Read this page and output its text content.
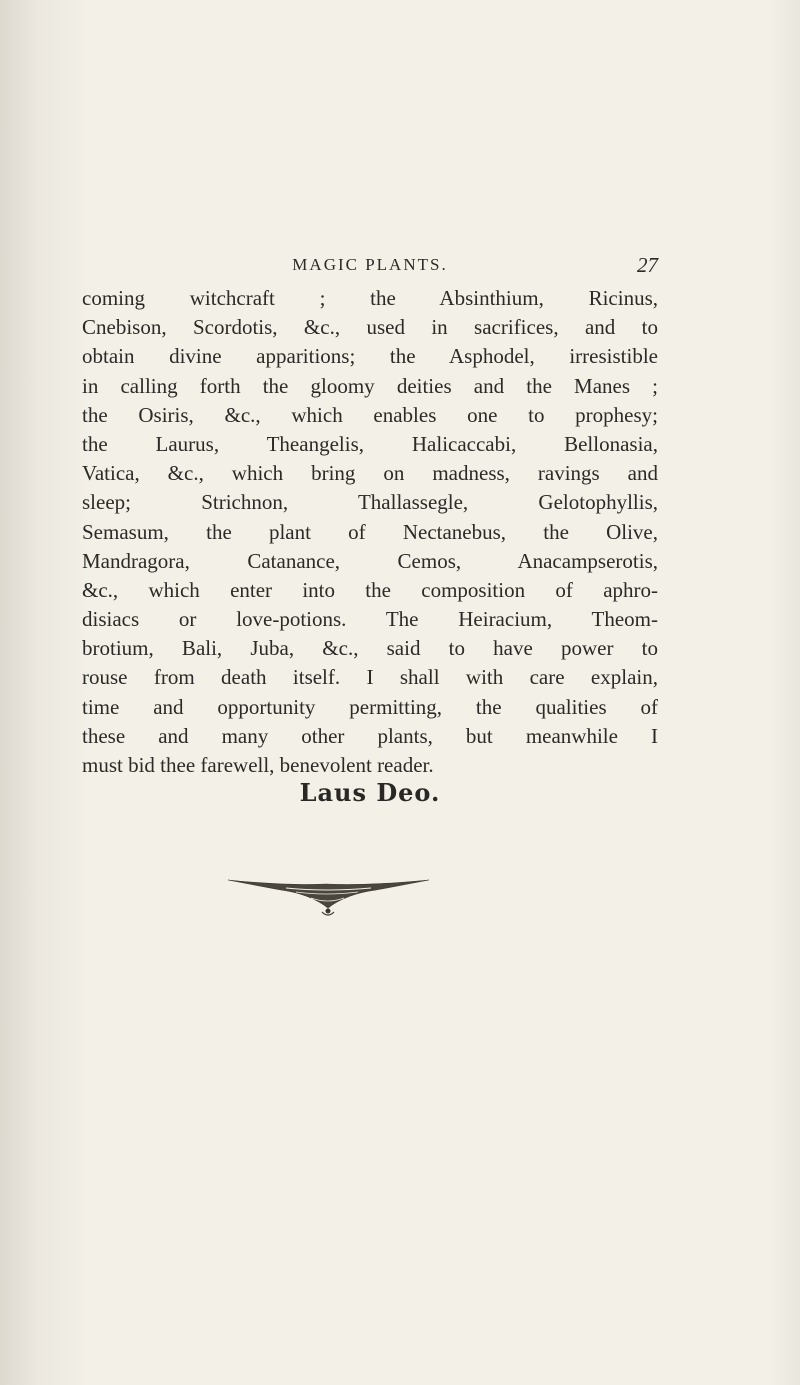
MAGIC PLANTS.	27
coming witchcraft ; the Absinthium, Ricinus,
Cnebison, Scordotis, &c., used in sacrifices, and to
obtain divine apparitions; the Asphodel, irresistible
in calling forth the gloomy deities and the Manes ;
the Osiris, &c., which enables one to prophesy;
the Laurus, Theangelis, Halicaccabi, Bellonasia,
Vatica, &c., which bring on madness, ravings and
sleep; Strichnon, Thallassegle, Gelotophyllis,
Semasum, the plant of Nectanebus, the Olive,
Mandragora, Catanance, Cemos, Anacampserotis,
&c., which enter into the composition of aphro-
disiacs or love-potions. The Heiracium, Theom-
brotium, Bali, Juba, &c., said to have power to
rouse from death itself. I shall with care explain,
time and opportunity permitting, the qualities of
these and many other plants, but meanwhile I
must bid thee farewell, benevolent reader.
Laus Deo.
